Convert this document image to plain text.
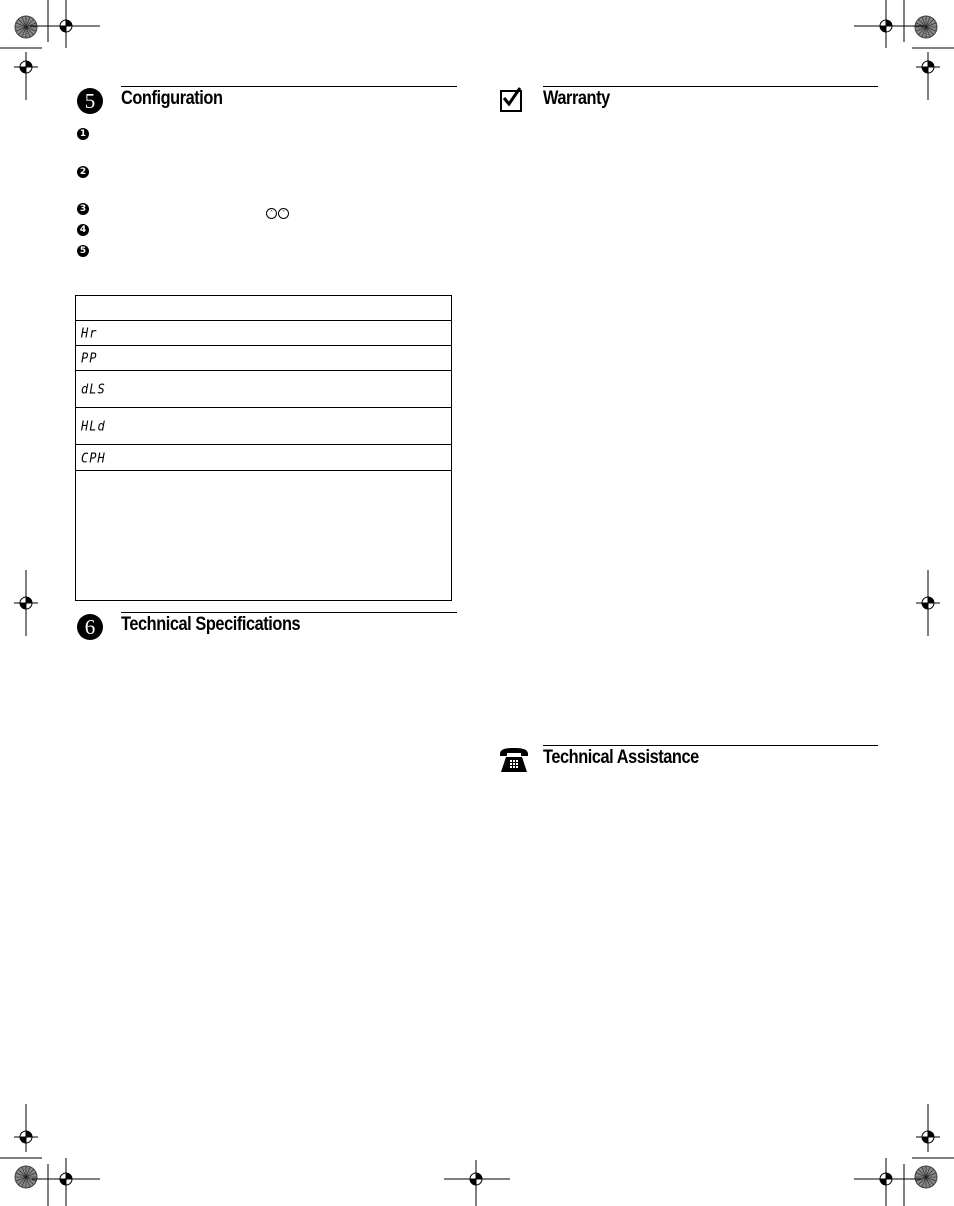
5	Configuration
1
2
3	˄	˅
4
5
Hr
PP
dLS
HLd
CPH
6	Technical Specifications
Warranty
Technical Assistance
